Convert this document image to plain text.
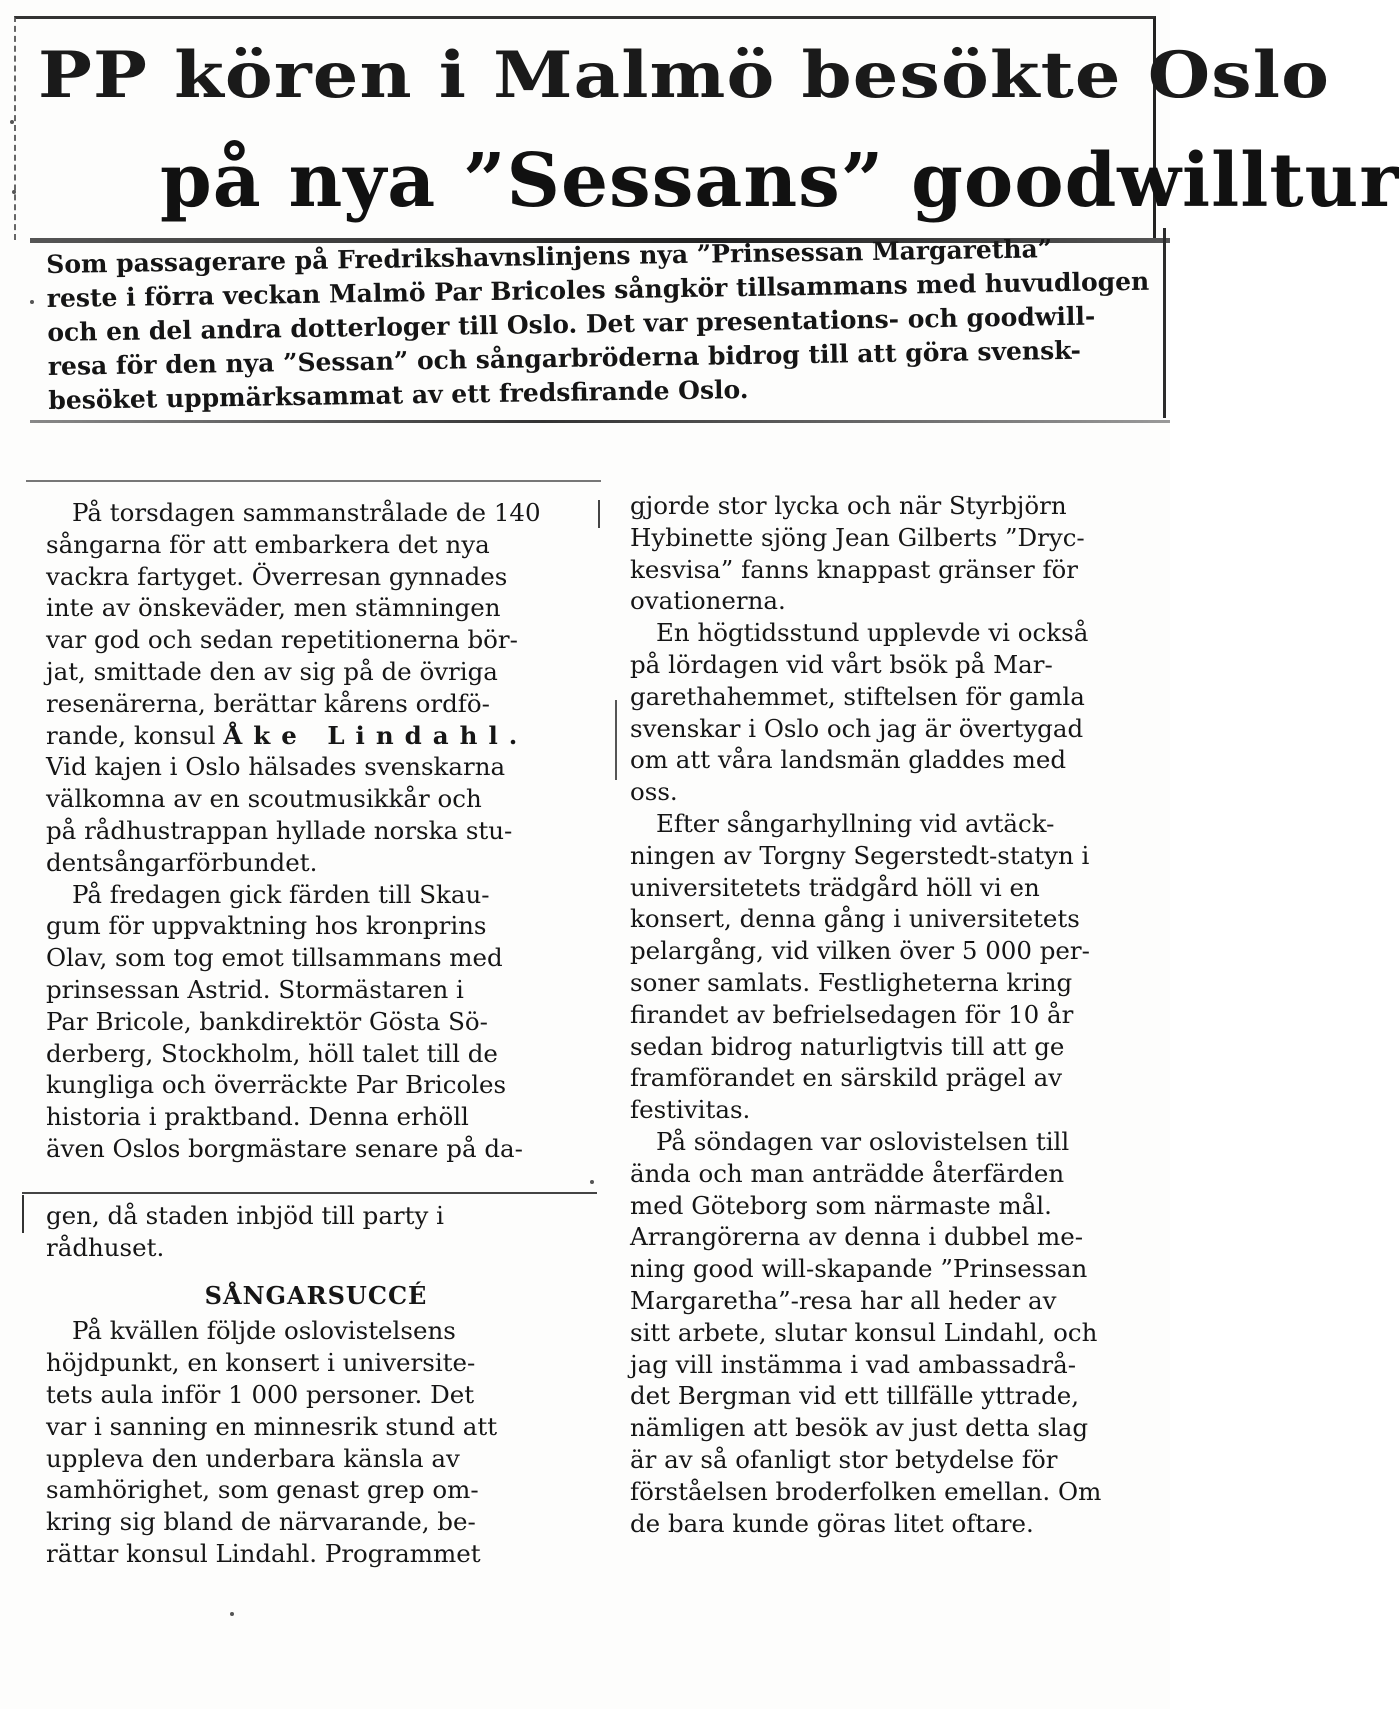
PP kören i Malmö besökte Oslo
på nya ”Sessans” goodwilltur
Som passagerare på Fredrikshavnslinjens nya ”Prinsessan Margaretha”
reste i förra veckan Malmö Par Bricoles sångkör tillsammans med huvudlogen
och en del andra dotterloger till Oslo. Det var presentations- och goodwill-
resa för den nya ”Sessan” och sångarbröderna bidrog till att göra svensk-
besöket uppmärksammat av ett fredsfirande Oslo.
På torsdagen sammanstrålade de 140
sångarna för att embarkera det nya
vackra fartyget. Överresan gynnades
inte av önskeväder, men stämningen
var god och sedan repetitionerna bör-
jat, smittade den av sig på de övriga
resenärerna, berättar kårens ordfö-
rande, konsul Åke Lindahl.
Vid kajen i Oslo hälsades svenskarna
välkomna av en scoutmusikkår och
på rådhustrappan hyllade norska stu-
dentsångarförbundet.
På fredagen gick färden till Skau-
gum för uppvaktning hos kronprins
Olav, som tog emot tillsammans med
prinsessan Astrid. Stormästaren i
Par Bricole, bankdirektör Gösta Sö-
derberg, Stockholm, höll talet till de
kungliga och överräckte Par Bricoles
historia i praktband. Denna erhöll
även Oslos borgmästare senare på da-
gen, då staden inbjöd till party i
rådhuset.
SÅNGARSUCCÉ
På kvällen följde oslovistelsens
höjdpunkt, en konsert i universite-
tets aula inför 1 000 personer. Det
var i sanning en minnesrik stund att
uppleva den underbara känsla av
samhörighet, som genast grep om-
kring sig bland de närvarande, be-
rättar konsul Lindahl. Programmet
gjorde stor lycka och när Styrbjörn
Hybinette sjöng Jean Gilberts ”Dryc-
kesvisa” fanns knappast gränser för
ovationerna.
En högtidsstund upplevde vi också
på lördagen vid vårt bsök på Mar-
garethahemmet, stiftelsen för gamla
svenskar i Oslo och jag är övertygad
om att våra landsmän gladdes med
oss.
Efter sångarhyllning vid avtäck-
ningen av Torgny Segerstedt-statyn i
universitetets trädgård höll vi en
konsert, denna gång i universitetets
pelargång, vid vilken över 5 000 per-
soner samlats. Festligheterna kring
firandet av befrielsedagen för 10 år
sedan bidrog naturligtvis till att ge
framförandet en särskild prägel av
festivitas.
På söndagen var oslovistelsen till
ända och man anträdde återfärden
med Göteborg som närmaste mål.
Arrangörerna av denna i dubbel me-
ning good will-skapande ”Prinsessan
Margaretha”-resa har all heder av
sitt arbete, slutar konsul Lindahl, och
jag vill instämma i vad ambassadrå-
det Bergman vid ett tillfälle yttrade,
nämligen att besök av just detta slag
är av så ofanligt stor betydelse för
förståelsen broderfolken emellan. Om
de bara kunde göras litet oftare.
